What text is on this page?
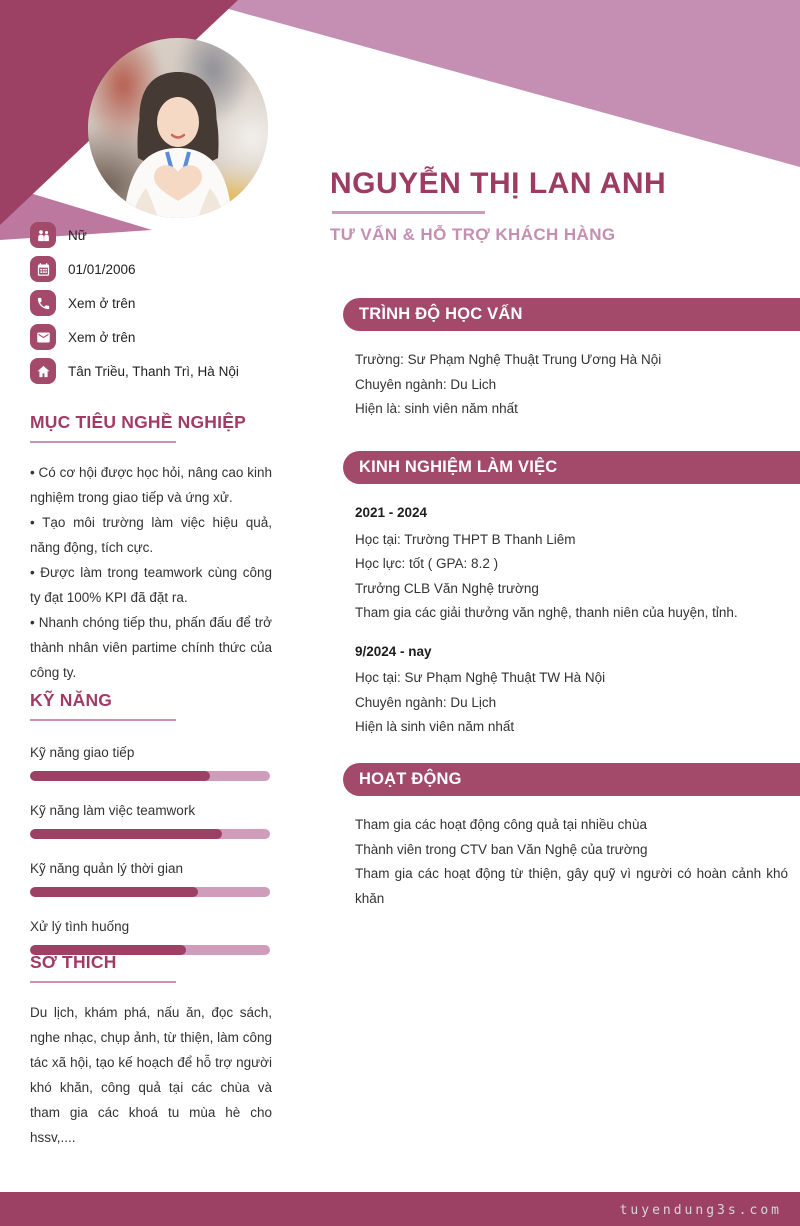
NGUYỄN THỊ LAN ANH
TƯ VẤN & HỖ TRỢ KHÁCH HÀNG
Nữ
01/01/2006
Xem ở trên
Xem ở trên
Tân Triều, Thanh Trì, Hà Nội
MỤC TIÊU NGHỀ NGHIỆP
• Có cơ hội được học hỏi, nâng cao kinh nghiệm trong giao tiếp và ứng xử.
• Tạo môi trường làm việc hiệu quả, năng động, tích cực.
• Được làm trong teamwork cùng công ty đạt 100% KPI đã đặt ra.
• Nhanh chóng tiếp thu, phấn đấu để trở thành nhân viên partime chính thức của công ty.
KỸ NĂNG
Kỹ năng giao tiếp
Kỹ năng làm việc teamwork
Kỹ năng quản lý thời gian
Xử lý tình huống
SỞ THÍCH
Du lịch, khám phá, nấu ăn, đọc sách, nghe nhạc, chụp ảnh, từ thiện, làm công tác xã hội, tạo kế hoạch để hỗ trợ người khó khăn, công quả tại các chùa và tham gia các khoá tu mùa hè cho hssv,....
TRÌNH ĐỘ HỌC VẤN
Trường: Sư Phạm Nghệ Thuật Trung Ương Hà Nội
Chuyên ngành: Du Lich
Hiện là: sinh viên năm nhất
KINH NGHIỆM LÀM VIỆC
2021 - 2024
Học tại: Trường THPT B Thanh Liêm
Học lực: tốt ( GPA: 8.2 )
Trưởng CLB Văn Nghệ trường
Tham gia các giải thưởng văn nghệ, thanh niên của huyện, tỉnh.
9/2024 - nay
Học tại: Sư Phạm Nghệ Thuật TW Hà Nội
Chuyên ngành: Du Lịch
Hiện là sinh viên năm nhất
HOẠT ĐỘNG
Tham gia các hoạt động công quả tại nhiều chùa
Thành viên trong CTV ban Văn Nghệ của trường
Tham gia các hoạt động từ thiện, gây quỹ vì người có hoàn cảnh khó khăn
tuyendung3s.com
